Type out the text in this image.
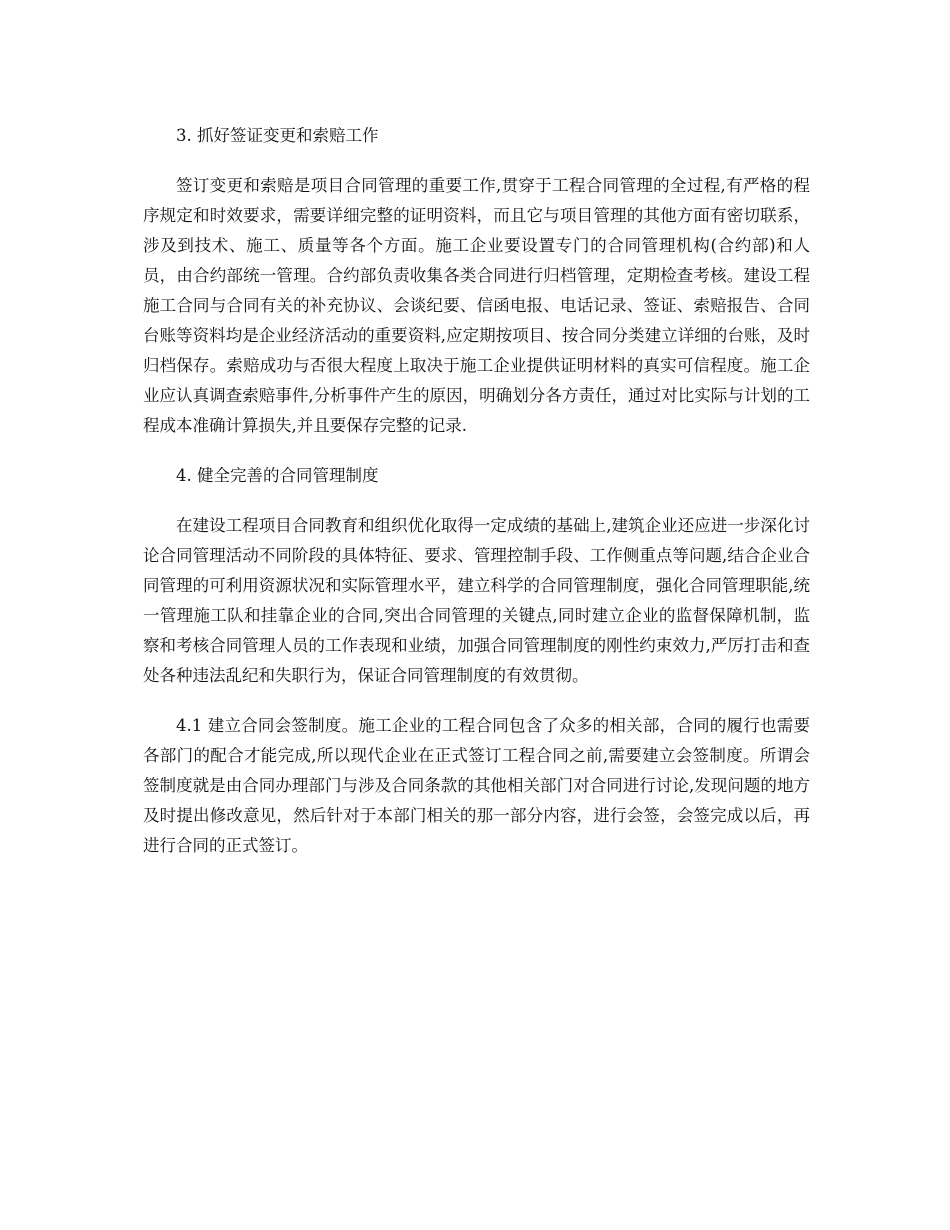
3. 抓好签证变更和索赔工作

签订变更和索赔是项目合同管理的重要工作,贯穿于工程合同管理的全过程,有严格的程序规定和时效要求，需要详细完整的证明资料，而且它与项目管理的其他方面有密切联系，涉及到技术、施工、质量等各个方面。施工企业要设置专门的合同管理机构(合约部)和人员，由合约部统一管理。合约部负责收集各类合同进行归档管理，定期检查考核。建设工程施工合同与合同有关的补充协议、会谈纪要、信函电报、电话记录、签证、索赔报告、合同台账等资料均是企业经济活动的重要资料,应定期按项目、按合同分类建立详细的台账，及时归档保存。索赔成功与否很大程度上取决于施工企业提供证明材料的真实可信程度。施工企业应认真调查索赔事件,分析事件产生的原因，明确划分各方责任，通过对比实际与计划的工程成本准确计算损失,并且要保存完整的记录.

4. 健全完善的合同管理制度

在建设工程项目合同教育和组织优化取得一定成绩的基础上,建筑企业还应进一步深化讨论合同管理活动不同阶段的具体特征、要求、管理控制手段、工作侧重点等问题,结合企业合同管理的可利用资源状况和实际管理水平，建立科学的合同管理制度，强化合同管理职能,统一管理施工队和挂靠企业的合同,突出合同管理的关键点,同时建立企业的监督保障机制，监察和考核合同管理人员的工作表现和业绩，加强合同管理制度的刚性约束效力,严厉打击和查处各种违法乱纪和失职行为，保证合同管理制度的有效贯彻。

4.1 建立合同会签制度。施工企业的工程合同包含了众多的相关部，合同的履行也需要各部门的配合才能完成,所以现代企业在正式签订工程合同之前,需要建立会签制度。所谓会签制度就是由合同办理部门与涉及合同条款的其他相关部门对合同进行讨论,发现问题的地方及时提出修改意见，然后针对于本部门相关的那一部分内容，进行会签，会签完成以后，再进行合同的正式签订。
